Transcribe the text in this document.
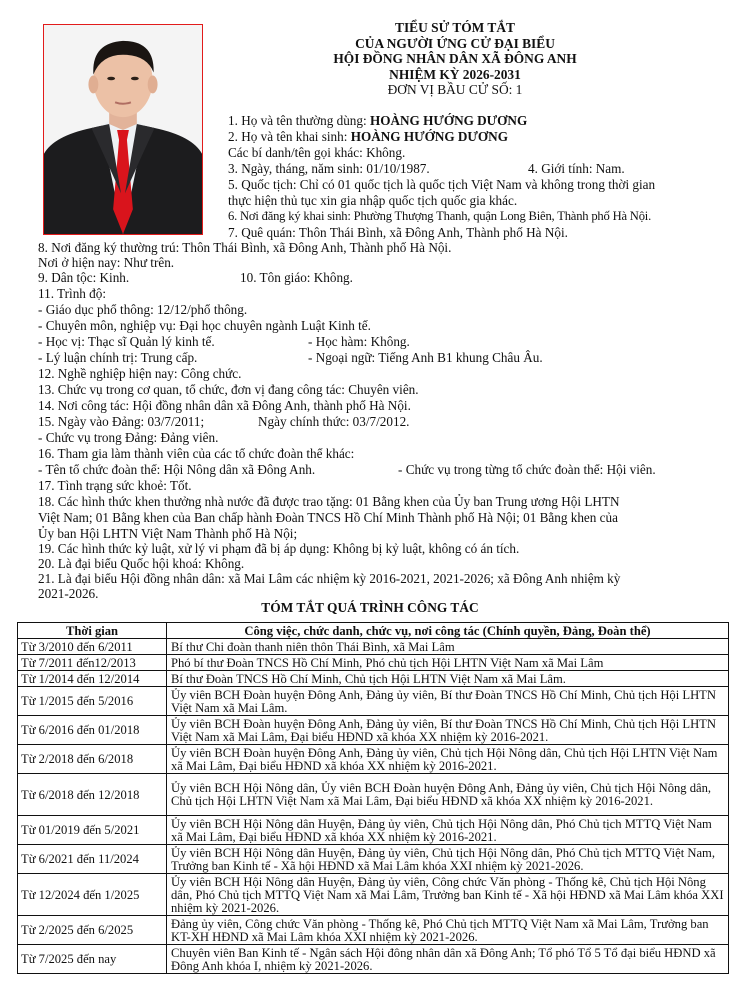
TIỂU SỬ TÓM TẮT
CỦA NGƯỜI ỨNG CỬ ĐẠI BIỂU
HỘI ĐỒNG NHÂN DÂN XÃ ĐÔNG ANH
NHIỆM KỲ 2026-2031
ĐƠN VỊ BẦU CỬ SỐ: 1
1. Họ và tên thường dùng: HOÀNG HƯỚNG DƯƠNG
2. Họ và tên khai sinh: HOÀNG HƯỚNG DƯƠNG
Các bí danh/tên gọi khác: Không.
3. Ngày, tháng, năm sinh: 01/10/1987.	4. Giới tính: Nam.
5. Quốc tịch: Chỉ có 01 quốc tịch là quốc tịch Việt Nam và không trong thời gian
thực hiện thủ tục xin gia nhập quốc tịch quốc gia khác.
6. Nơi đăng ký khai sinh: Phường Thượng Thanh, quận Long Biên, Thành phố Hà Nội.
7. Quê quán: Thôn Thái Bình, xã Đông Anh, Thành phố Hà Nội.
8. Nơi đăng ký thường trú: Thôn Thái Bình, xã Đông Anh, Thành phố Hà Nội.
Nơi ở hiện nay: Như trên.
9. Dân tộc: Kinh.	10. Tôn giáo: Không.
11. Trình độ:
- Giáo dục phổ thông: 12/12/phổ thông.
- Chuyên môn, nghiệp vụ: Đại học chuyên ngành Luật Kinh tế.
- Học vị: Thạc sĩ Quản lý kinh tế.	- Học hàm: Không.
- Lý luận chính trị: Trung cấp.	- Ngoại ngữ: Tiếng Anh B1 khung Châu Âu.
12. Nghề nghiệp hiện nay: Công chức.
13. Chức vụ trong cơ quan, tổ chức, đơn vị đang công tác: Chuyên viên.
14. Nơi công tác: Hội đồng nhân dân xã Đông Anh, thành phố Hà Nội.
15. Ngày vào Đảng: 03/7/2011;	Ngày chính thức: 03/7/2012.
- Chức vụ trong Đảng: Đảng viên.
16. Tham gia làm thành viên của các tổ chức đoàn thể khác:
- Tên tổ chức đoàn thể: Hội Nông dân xã Đông Anh.	- Chức vụ trong từng tổ chức đoàn thể: Hội viên.
17. Tình trạng sức khoẻ: Tốt.
18. Các hình thức khen thưởng nhà nước đã được trao tặng: 01 Bằng khen của Ủy ban Trung ương Hội LHTN
Việt Nam; 01 Bằng khen của Ban chấp hành Đoàn TNCS Hồ Chí Minh Thành phố Hà Nội; 01 Bằng khen của
Ủy ban Hội LHTN Việt Nam Thành phố Hà Nội;
19. Các hình thức kỷ luật, xử lý vi phạm đã bị áp dụng: Không bị kỷ luật, không có án tích.
20. Là đại biểu Quốc hội khoá: Không.
21. Là đại biểu Hội đồng nhân dân: xã Mai Lâm các nhiệm kỳ 2016-2021, 2021-2026; xã Đông Anh nhiệm kỳ
2021-2026.
TÓM TẮT QUÁ TRÌNH CÔNG TÁC
Thời gian	Công việc, chức danh, chức vụ, nơi công tác (Chính quyền, Đảng, Đoàn thể)
Từ 3/2010 đến 6/2011	Bí thư Chi đoàn thanh niên thôn Thái Bình, xã Mai Lâm
Từ 7/2011 đến12/2013	Phó bí thư Đoàn TNCS Hồ Chí Minh, Phó chủ tịch Hội LHTN Việt Nam xã Mai Lâm
Từ 1/2014 đến 12/2014	Bí thư Đoàn TNCS Hồ Chí Minh, Chủ tịch Hội LHTN Việt Nam xã Mai Lâm.
Từ 1/2015 đến 5/2016	Ủy viên BCH Đoàn huyện Đông Anh, Đảng ủy viên, Bí thư Đoàn TNCS Hồ Chí Minh, Chủ tịch Hội LHTN Việt Nam xã Mai Lâm.
Từ 6/2016 đến 01/2018	Ủy viên BCH Đoàn huyện Đông Anh, Đảng ủy viên, Bí thư Đoàn TNCS Hồ Chí Minh, Chủ tịch Hội LHTN Việt Nam xã Mai Lâm, Đại biểu HĐND xã khóa XX nhiệm kỳ 2016-2021.
Từ 2/2018 đến 6/2018	Ủy viên BCH Đoàn huyện Đông Anh, Đảng ủy viên, Chủ tịch Hội Nông dân, Chủ tịch Hội LHTN Việt Nam xã Mai Lâm, Đại biểu HĐND xã khóa XX nhiệm kỳ 2016-2021.
Từ 6/2018 đến 12/2018	Ủy viên BCH Hội Nông dân, Ủy viên BCH Đoàn huyện Đông Anh, Đảng ủy viên, Chủ tịch Hội Nông dân, Chủ tịch Hội LHTN Việt Nam xã Mai Lâm, Đại biểu HĐND xã khóa XX nhiệm kỳ 2016-2021.
Từ 01/2019 đến 5/2021	Ủy viên BCH Hội Nông dân Huyện, Đảng ủy viên, Chủ tịch Hội Nông dân, Phó Chủ tịch MTTQ Việt Nam xã Mai Lâm, Đại biểu HĐND xã khóa XX nhiệm kỳ 2016-2021.
Từ 6/2021 đến 11/2024	Ủy viên BCH Hội Nông dân Huyện, Đảng ủy viên, Chủ tịch Hội Nông dân, Phó Chủ tịch MTTQ Việt Nam, Trưởng ban Kinh tế - Xã hội HĐND xã Mai Lâm khóa XXI nhiệm kỳ 2021-2026.
Từ 12/2024 đến 1/2025	Ủy viên BCH Hội Nông dân Huyện, Đảng ủy viên, Công chức Văn phòng - Thống kê, Chủ tịch Hội Nông dân, Phó Chủ tịch MTTQ Việt Nam xã Mai Lâm, Trưởng ban Kinh tế - Xã hội HĐND xã Mai Lâm khóa XXI nhiệm kỳ 2021-2026.
Từ 2/2025 đến 6/2025	Đảng ủy viên, Công chức Văn phòng - Thống kê, Phó Chủ tịch MTTQ Việt Nam xã Mai Lâm, Trưởng ban KT-XH HĐND xã Mai Lâm khóa XXI nhiệm kỳ 2021-2026.
Từ 7/2025 đến nay	Chuyên viên Ban Kinh tế - Ngân sách Hội đông nhân dân xã Đông Anh; Tổ phó Tổ 5 Tổ đại biểu HĐND xã Đông Anh khóa I, nhiệm kỳ 2021-2026.
